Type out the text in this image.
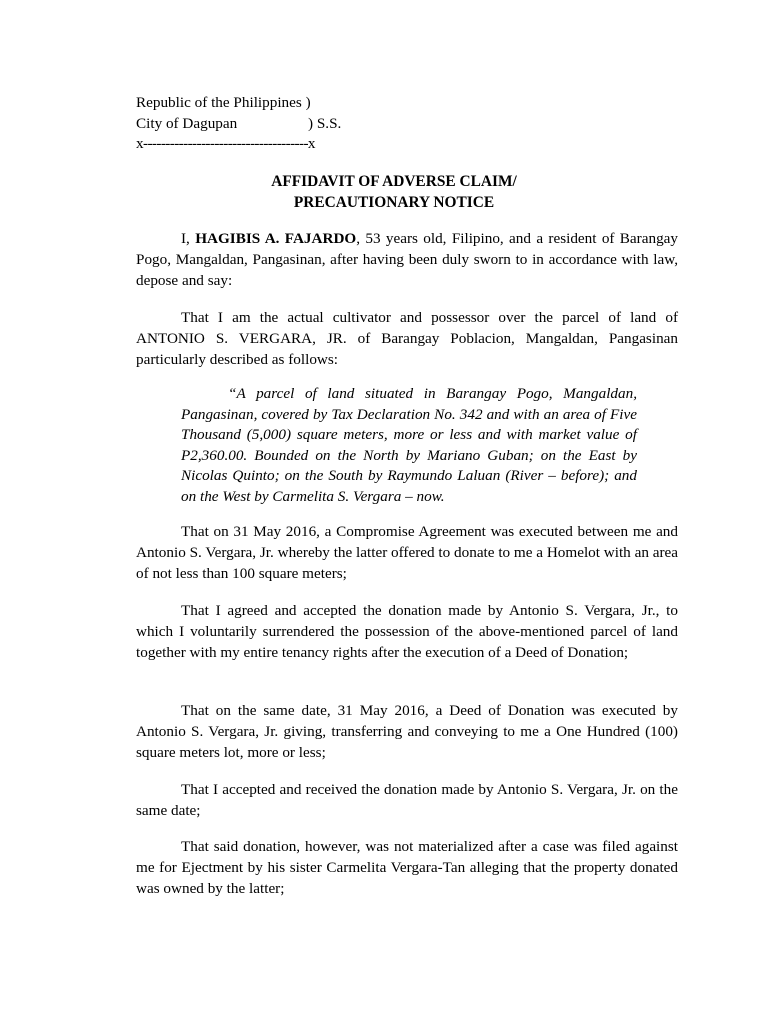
Republic of the Philippines )
City of Dagupan	) S.S.
x-------------------------------------x
AFFIDAVIT OF ADVERSE CLAIM/
PRECAUTIONARY NOTICE

I, HAGIBIS A. FAJARDO, 53 years old, Filipino, and a resident of Barangay Pogo, Mangaldan, Pangasinan, after having been duly sworn to in accordance with law, depose and say:

That I am the actual cultivator and possessor over the parcel of land of ANTONIO S. VERGARA, JR. of Barangay Poblacion, Mangaldan, Pangasinan particularly described as follows:

“A parcel of land situated in Barangay Pogo, Mangaldan, Pangasinan, covered by Tax Declaration No. 342 and with an area of Five Thousand (5,000) square meters, more or less and with market value of P2,360.00. Bounded on the North by Mariano Guban; on the East by Nicolas Quinto; on the South by Raymundo Laluan (River – before); and on the West by Carmelita S. Vergara – now.

That on 31 May 2016, a Compromise Agreement was executed between me and Antonio S. Vergara, Jr. whereby the latter offered to donate to me a Homelot with an area of not less than 100 square meters;

That I agreed and accepted the donation made by Antonio S. Vergara, Jr., to which I voluntarily surrendered the possession of the above-mentioned parcel of land together with my entire tenancy rights after the execution of a Deed of Donation;

That on the same date, 31 May 2016, a Deed of Donation was executed by Antonio S. Vergara, Jr. giving, transferring and conveying to me a One Hundred (100) square meters lot, more or less;

That I accepted and received the donation made by Antonio S. Vergara, Jr. on the same date;

That said donation, however, was not materialized after a case was filed against me for Ejectment by his sister Carmelita Vergara-Tan alleging that the property donated was owned by the latter;
